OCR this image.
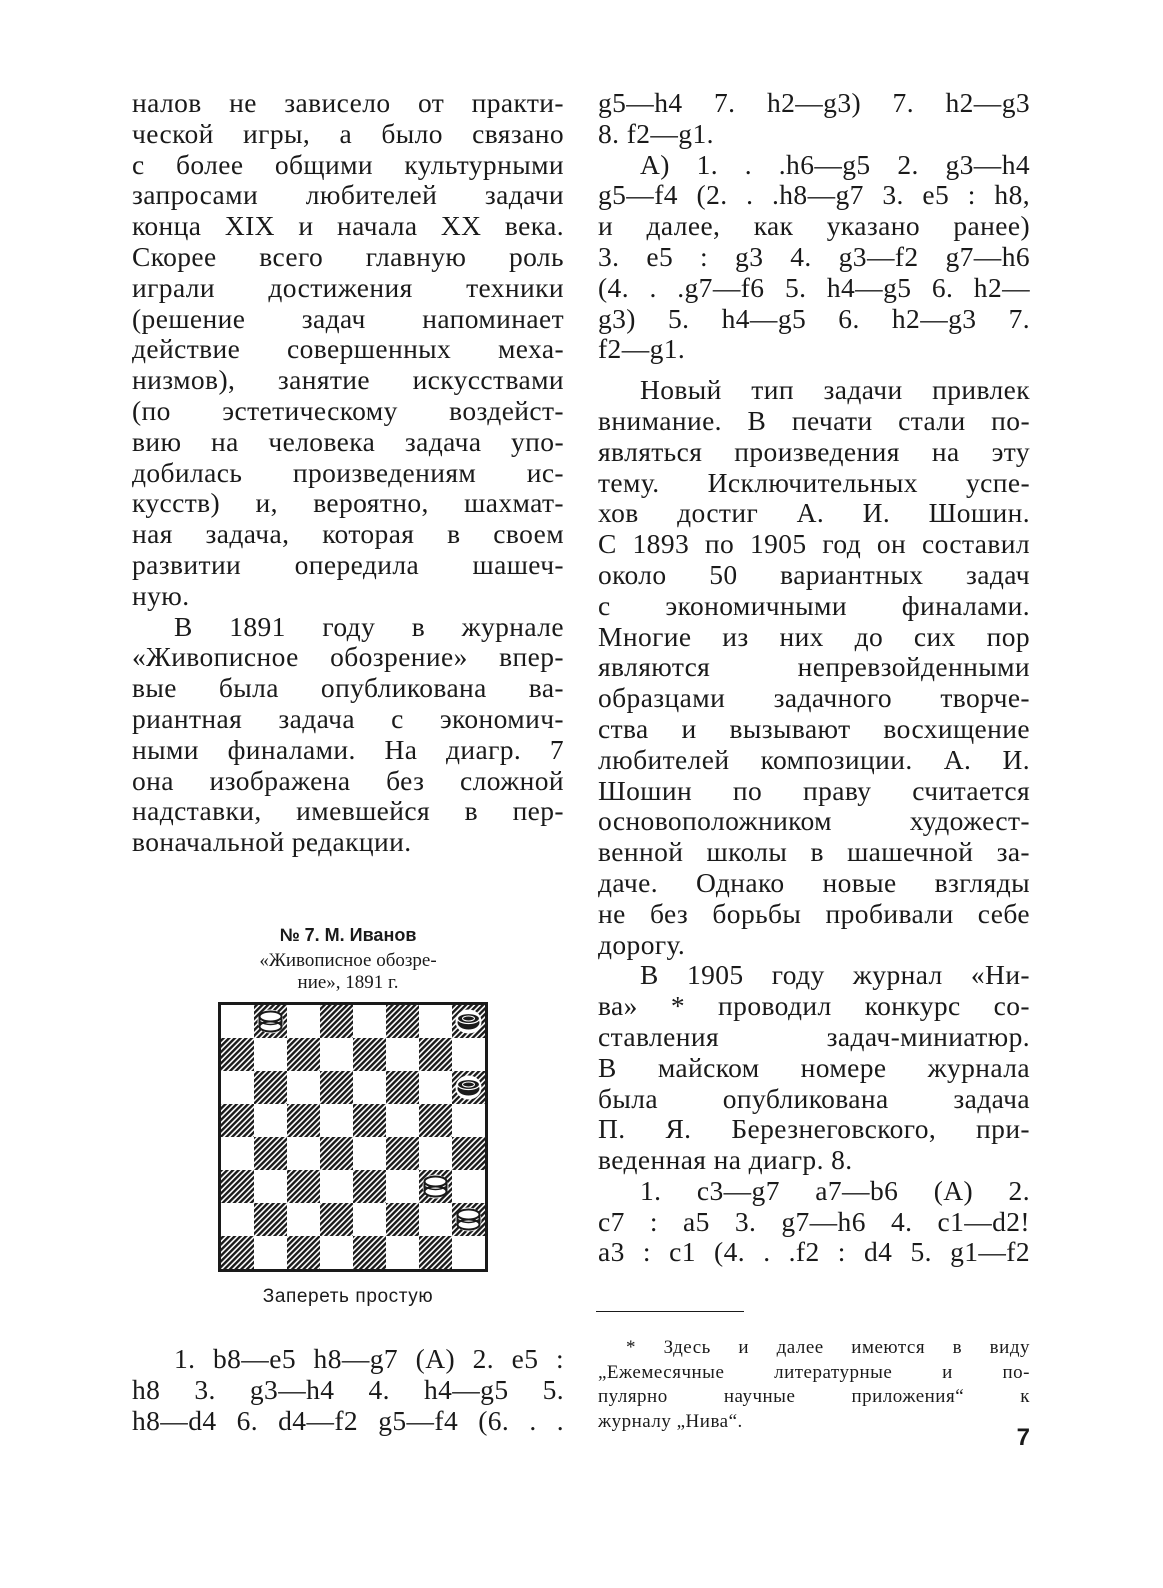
налов не зависело от практи-
ческой игры, а было связано
с более общими культурными
запросами любителей задачи
конца XIX и начала XX века.
Скорее всего главную роль
играли достижения техники
(решение задач напоминает
действие совершенных меха-
низмов), занятие искусствами
(по эстетическому воздейст-
вию на человека задача упо-
добилась произведениям ис-
кусств) и, вероятно, шахмат-
ная задача, которая в своем
развитии опередила шашеч-
ную.
В 1891 году в журнале
«Живописное обозрение» впер-
вые была опубликована ва-
риантная задача с экономич-
ными финалами. На диагр. 7
она изображена без сложной
надставки, имевшейся в пер-
воначальной редакции.
№ 7. М. Иванов
«Живописное обозре-
ние», 1891 г.
Запереть простую
1. b8—e5 h8—g7 (A) 2. e5 :
h8 3. g3—h4 4. h4—g5 5.
h8—d4 6. d4—f2 g5—f4 (6. . .
g5—h4 7. h2—g3) 7. h2—g3
8. f2—g1.
А) 1. . .h6—g5 2. g3—h4
g5—f4 (2. . .h8—g7 3. e5 : h8,
и далее, как указано ранее)
3. e5 : g3 4. g3—f2 g7—h6
(4. . .g7—f6 5. h4—g5 6. h2—
g3) 5. h4—g5 6. h2—g3 7.
f2—g1.
Новый тип задачи привлек
внимание. В печати стали по-
являться произведения на эту
тему. Исключительных успе-
хов достиг А. И. Шошин.
С 1893 по 1905 год он составил
около 50 вариантных задач
с экономичными финалами.
Многие из них до сих пор
являются непревзойденными
образцами задачного творче-
ства и вызывают восхищение
любителей композиции. А. И.
Шошин по праву считается
основоположником художест-
венной школы в шашечной за-
даче. Однако новые взгляды
не без борьбы пробивали себе
дорогу.
В 1905 году журнал «Ни-
ва» * проводил конкурс со-
ставления задач-миниатюр.
В майском номере журнала
была опубликована задача
П. Я. Березнеговского, при-
веденная на диагр. 8.
1. c3—g7 a7—b6 (А) 2.
c7 : a5 3. g7—h6 4. c1—d2!
a3 : c1 (4. . .f2 : d4 5. g1—f2
* Здесь и далее имеются в виду
„Ежемесячные литературные и по-
пулярно научные приложения“ к
журналу „Нива“.
7
